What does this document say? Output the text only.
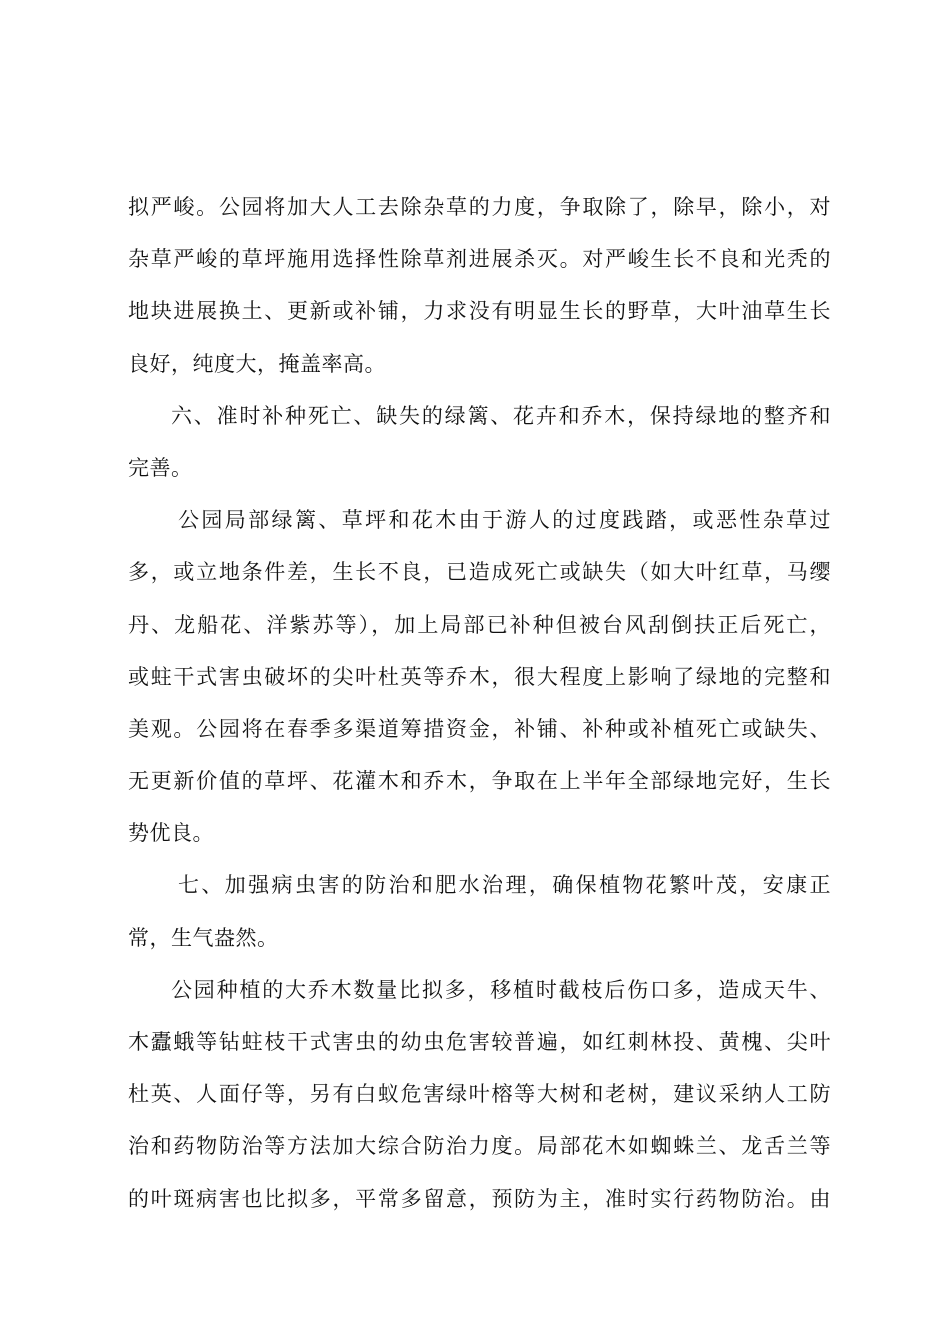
拟严峻。公园将加大人工去除杂草的力度，争取除了，除早，除小，对
杂草严峻的草坪施用选择性除草剂进展杀灭。对严峻生长不良和光秃的
地块进展换土、更新或补铺，力求没有明显生长的野草，大叶油草生长
良好，纯度大，掩盖率高。
六、准时补种死亡、缺失的绿篱、花卉和乔木，保持绿地的整齐和
完善。
公园局部绿篱、草坪和花木由于游人的过度践踏，或恶性杂草过
多，或立地条件差，生长不良，已造成死亡或缺失（如大叶红草，马缨
丹、龙船花、洋紫苏等），加上局部已补种但被台风刮倒扶正后死亡，
或蛀干式害虫破坏的尖叶杜英等乔木，很大程度上影响了绿地的完整和
美观。公园将在春季多渠道筹措资金，补铺、补种或补植死亡或缺失、
无更新价值的草坪、花灌木和乔木，争取在上半年全部绿地完好，生长
势优良。
七、加强病虫害的防治和肥水治理，确保植物花繁叶茂，安康正
常，生气盎然。
公园种植的大乔木数量比拟多，移植时截枝后伤口多，造成天牛、
木蠹蛾等钻蛀枝干式害虫的幼虫危害较普遍，如红刺林投、黄槐、尖叶
杜英、人面仔等，另有白蚁危害绿叶榕等大树和老树，建议采纳人工防
治和药物防治等方法加大综合防治力度。局部花木如蜘蛛兰、龙舌兰等
的叶斑病害也比拟多，平常多留意，预防为主，准时实行药物防治。由
